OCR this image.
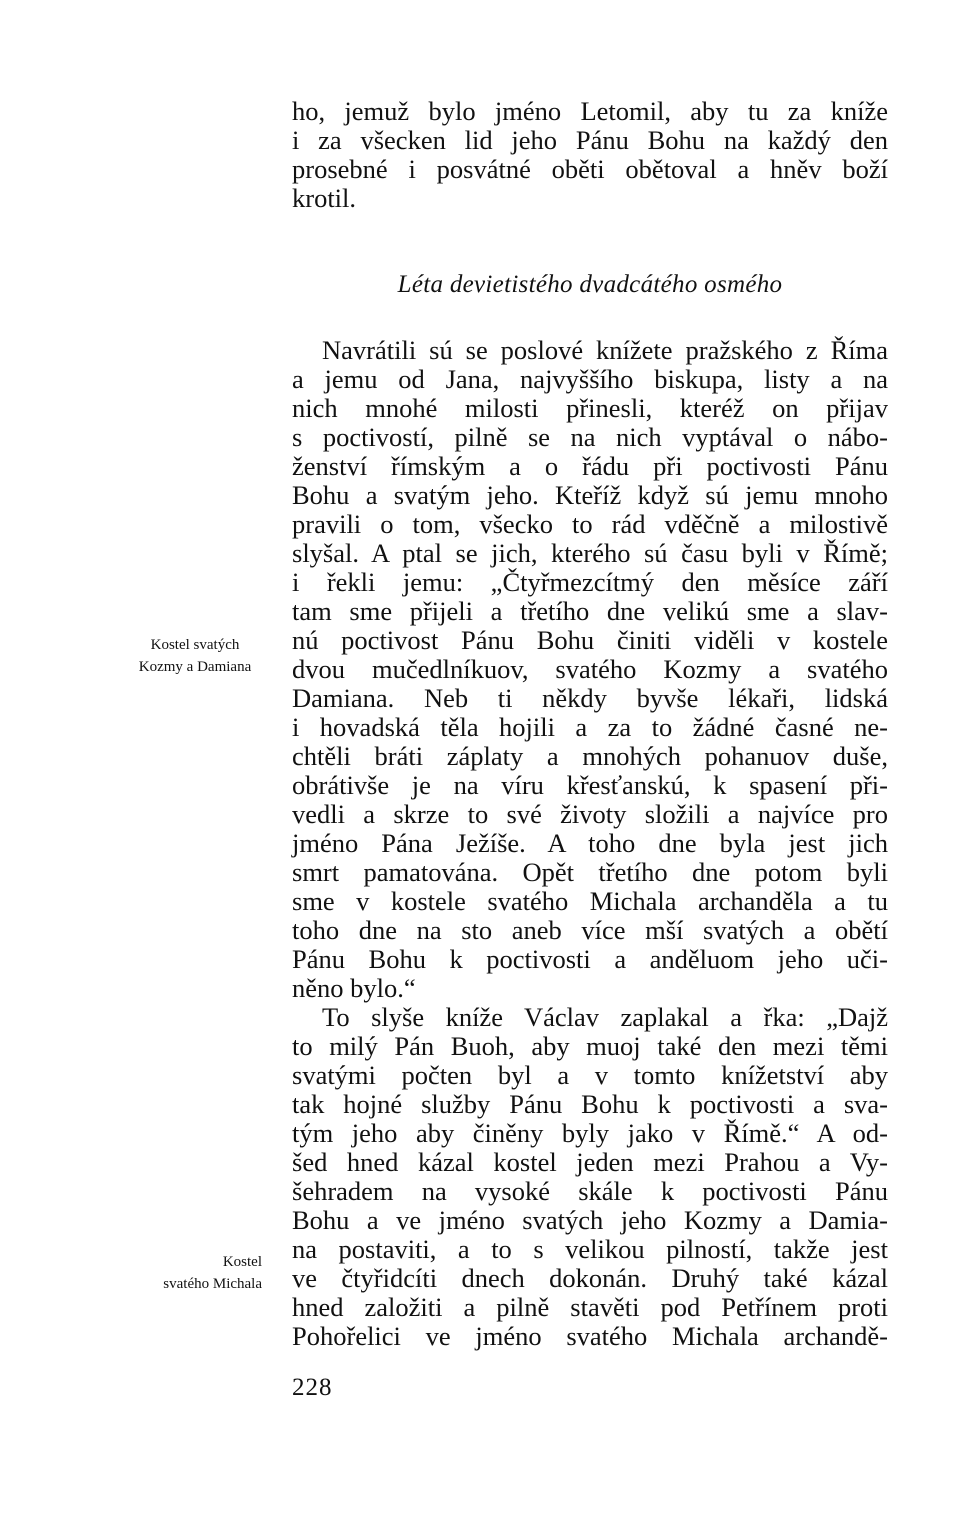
ho, jemuž bylo jméno Letomil, aby tu za kníže
i za všecken lid jeho Pánu Bohu na každý den
prosebné i posvátné oběti obětoval a hněv boží
krotil.
Léta devietistého dvadcátého osmého
Navrátili sú se poslové knížete pražského z Říma
a jemu od Jana, najvyššího biskupa, listy a na
nich mnohé milosti přinesli, kteréž on přijav
s poctivostí, pilně se na nich vyptával o nábo-
ženství římským a o řádu při poctivosti Pánu
Bohu a svatým jeho. Kteříž když sú jemu mnoho
pravili o tom, všecko to rád vděčně a milostivě
slyšal. A ptal se jich, kterého sú času byli v Římě;
i řekli jemu: „Čtyřmezcítmý den měsíce září
tam sme přijeli a třetího dne velikú sme a slav-
nú poctivost Pánu Bohu činiti viděli v kostele
dvou mučedlníkuov, svatého Kozmy a svatého
Damiana. Neb ti někdy byvše lékaři, lidská
i hovadská těla hojili a za to žádné časné ne-
chtěli bráti záplaty a mnohých pohanuov duše,
obrátivše je na víru křesťanskú, k spasení při-
vedli a skrze to své životy složili a najvíce pro
jméno Pána Ježíše. A toho dne byla jest jich
smrt pamatována. Opět třetího dne potom byli
sme v kostele svatého Michala archanděla a tu
toho dne na sto aneb více mší svatých a obětí
Pánu Bohu k poctivosti a anděluom jeho uči-
něno bylo.“
To slyše kníže Václav zaplakal a řka: „Dajž
to milý Pán Buoh, aby muoj také den mezi těmi
svatými počten byl a v tomto knížetství aby
tak hojné služby Pánu Bohu k poctivosti a sva-
tým jeho aby činěny byly jako v Římě.“ A od-
šed hned kázal kostel jeden mezi Prahou a Vy-
šehradem na vysoké skále k poctivosti Pánu
Bohu a ve jméno svatých jeho Kozmy a Damia-
na postaviti, a to s velikou pilností, takže jest
ve čtyřidcíti dnech dokonán. Druhý také kázal
hned založiti a pilně stavěti pod Petřínem proti
Pohořelici ve jméno svatého Michala archandě-
Kostel svatých
Kozmy a Damiana
Kostel
svatého Michala
228
